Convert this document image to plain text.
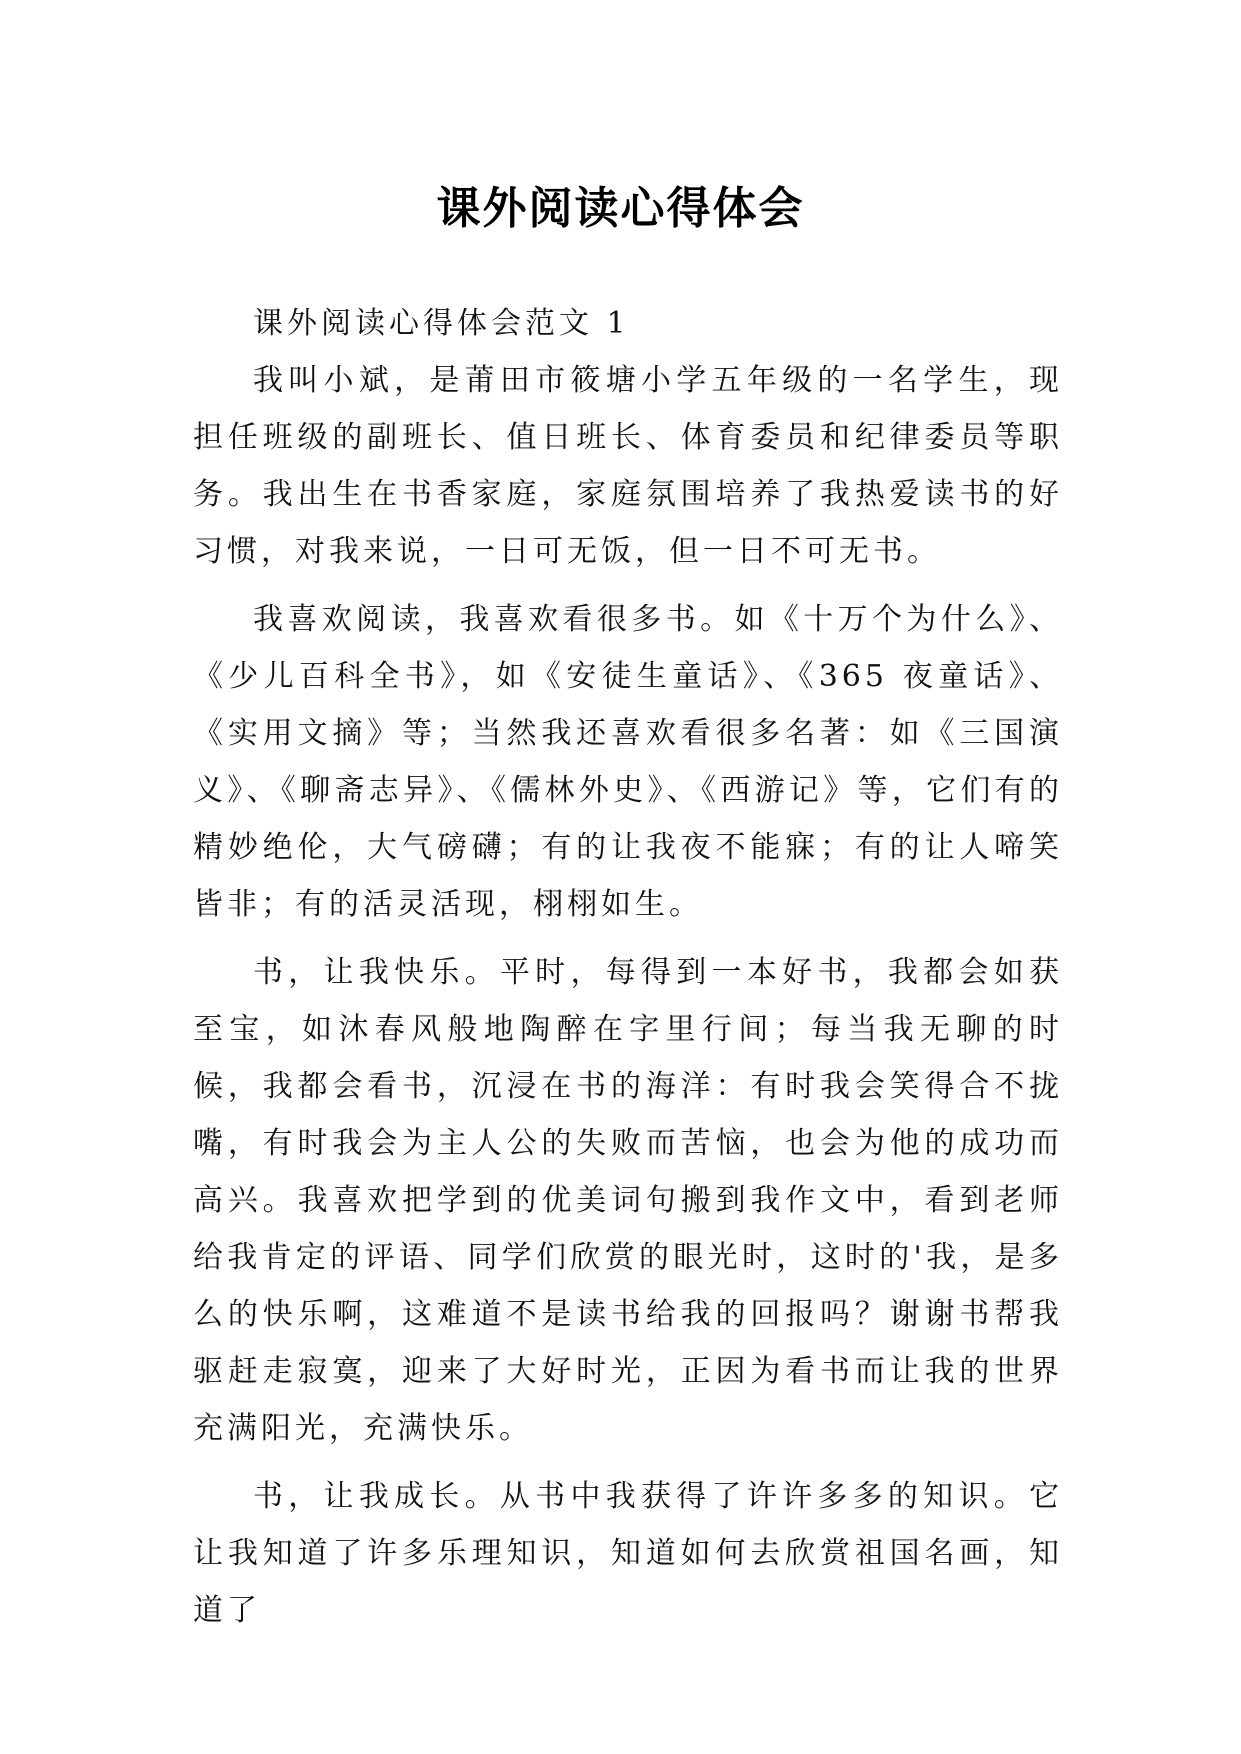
课外阅读心得体会

课外阅读心得体会范文 1

我叫小斌，是莆田市筱塘小学五年级的一名学生，现担任班级的副班长、值日班长、体育委员和纪律委员等职务。我出生在书香家庭，家庭氛围培养了我热爱读书的好习惯，对我来说，一日可无饭，但一日不可无书。

我喜欢阅读，我喜欢看很多书。如《十万个为什么》、《少儿百科全书》，如《安徒生童话》、《365 夜童话》、《实用文摘》等；当然我还喜欢看很多名著：如《三国演义》、《聊斋志异》、《儒林外史》、《西游记》等，它们有的精妙绝伦，大气磅礴；有的让我夜不能寐；有的让人啼笑皆非；有的活灵活现，栩栩如生。

书，让我快乐。平时，每得到一本好书，我都会如获至宝，如沐春风般地陶醉在字里行间；每当我无聊的时候，我都会看书，沉浸在书的海洋：有时我会笑得合不拢嘴，有时我会为主人公的失败而苦恼，也会为他的成功而高兴。我喜欢把学到的优美词句搬到我作文中，看到老师给我肯定的评语、同学们欣赏的眼光时，这时的'我，是多么的快乐啊，这难道不是读书给我的回报吗？谢谢书帮我驱赶走寂寞，迎来了大好时光，正因为看书而让我的世界充满阳光，充满快乐。

书，让我成长。从书中我获得了许许多多的知识。它让我知道了许多乐理知识，知道如何去欣赏祖国名画，知道了
